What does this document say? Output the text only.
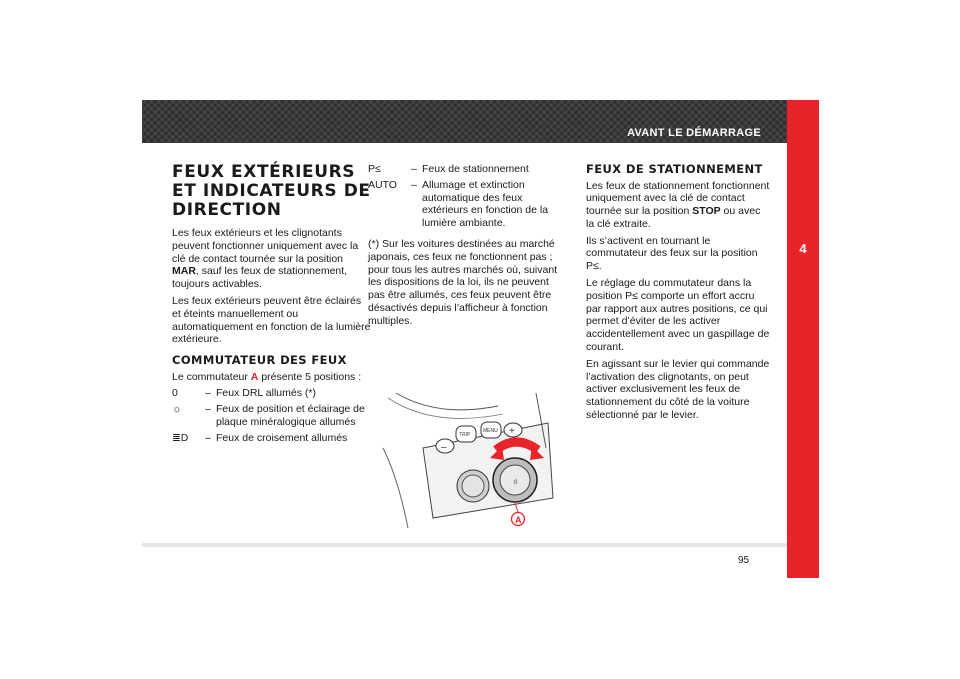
AVANT LE DÉMARRAGE
4
FEUX EXTÉRIEURS ET INDICATEURS DE DIRECTION

Les feux extérieurs et les clignotants peuvent fonctionner uniquement avec la clé de contact tournée sur la position MAR, sauf les feux de stationnement, toujours activables.

Les feux extérieurs peuvent être éclairés et éteints manuellement ou automatiquement en fonction de la lumière extérieure.

COMMUTATEUR DES FEUX

Le commutateur A présente 5 positions :

0	– Feux DRL allumés (*)
☼	– Feux de position et éclairage de plaque minéralogique allumés
≣D	– Feux de croisement allumés
P≤	– Feux de stationnement
AUTO	– Allumage et extinction automatique des feux extérieurs en fonction de la lumière ambiante.

(*) Sur les voitures destinées au marché japonais, ces feux ne fonctionnent pas ; pour tous les autres marchés où, suivant les dispositions de la loi, ils ne peuvent pas être allumés, ces feux peuvent être désactivés depuis l’afficheur à fonction multiples.

–
TRIP
MENU +
0
A
FEUX DE STATIONNEMENT

Les feux de stationnement fonctionnent uniquement avec la clé de contact tournée sur la position STOP ou avec la clé extraite.

Ils s’activent en tournant le commutateur des feux sur la position P≤.

Le réglage du commutateur dans la position P≤ comporte un effort accru par rapport aux autres positions, ce qui permet d’éviter de les activer accidentellement avec un gaspillage de courant.

En agissant sur le levier qui commande l’activation des clignotants, on peut activer exclusivement les feux de stationnement du côté de la voiture sélectionné par le levier.

95
